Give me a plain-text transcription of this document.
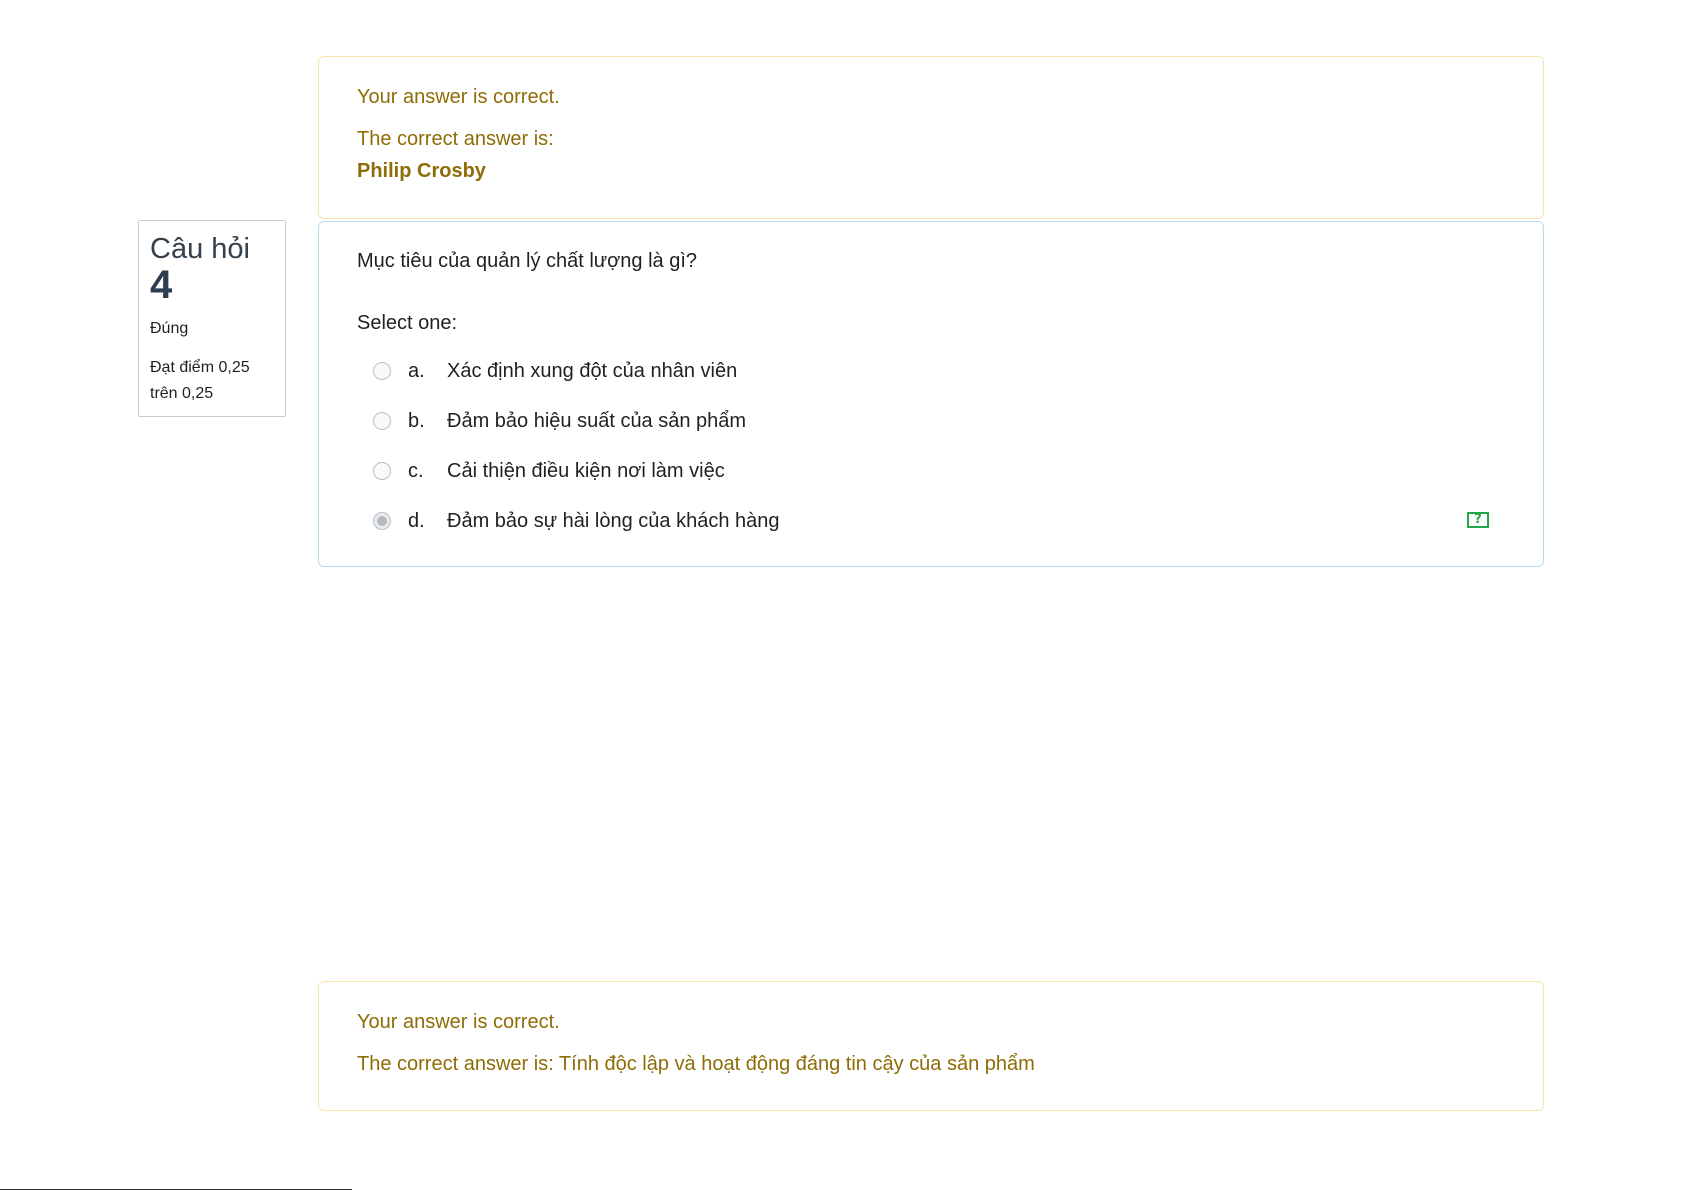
Your answer is correct.

The correct answer is:

Philip Crosby

Câu hỏi
4
Đúng
Đạt điểm 0,25
trên 0,25

Mục tiêu của quản lý chất lượng là gì?

Select one:

a.	Xác định xung đột của nhân viên
b.	Đảm bảo hiệu suất của sản phẩm
c.	Cải thiện điều kiện nơi làm việc
d.	Đảm bảo sự hài lòng của khách hàng	?

Your answer is correct.

The correct answer is: Tính độc lập và hoạt động đáng tin cậy của sản phẩm
